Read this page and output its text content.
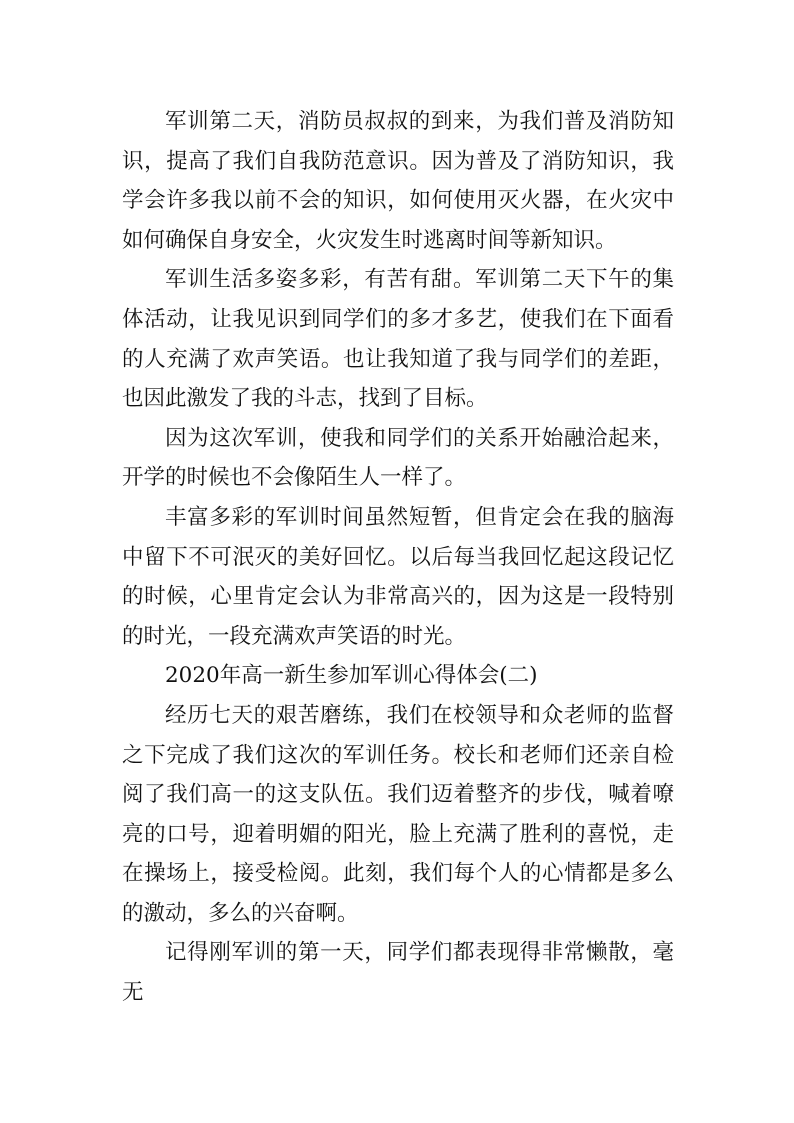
军训第二天，消防员叔叔的到来，为我们普及消防知识，提高了我们自我防范意识。因为普及了消防知识，我学会许多我以前不会的知识，如何使用灭火器，在火灾中如何确保自身安全，火灾发生时逃离时间等新知识。

军训生活多姿多彩，有苦有甜。军训第二天下午的集体活动，让我见识到同学们的多才多艺，使我们在下面看的人充满了欢声笑语。也让我知道了我与同学们的差距，也因此激发了我的斗志，找到了目标。

因为这次军训，使我和同学们的关系开始融洽起来，开学的时候也不会像陌生人一样了。

丰富多彩的军训时间虽然短暂，但肯定会在我的脑海中留下不可泯灭的美好回忆。以后每当我回忆起这段记忆的时候，心里肯定会认为非常高兴的，因为这是一段特别的时光，一段充满欢声笑语的时光。

2020年高一新生参加军训心得体会(二)

经历七天的艰苦磨练，我们在校领导和众老师的监督之下完成了我们这次的军训任务。校长和老师们还亲自检阅了我们高一的这支队伍。我们迈着整齐的步伐，喊着嘹亮的口号，迎着明媚的阳光，脸上充满了胜利的喜悦，走在操场上，接受检阅。此刻，我们每个人的心情都是多么的激动，多么的兴奋啊。

记得刚军训的第一天，同学们都表现得非常懒散，毫无
